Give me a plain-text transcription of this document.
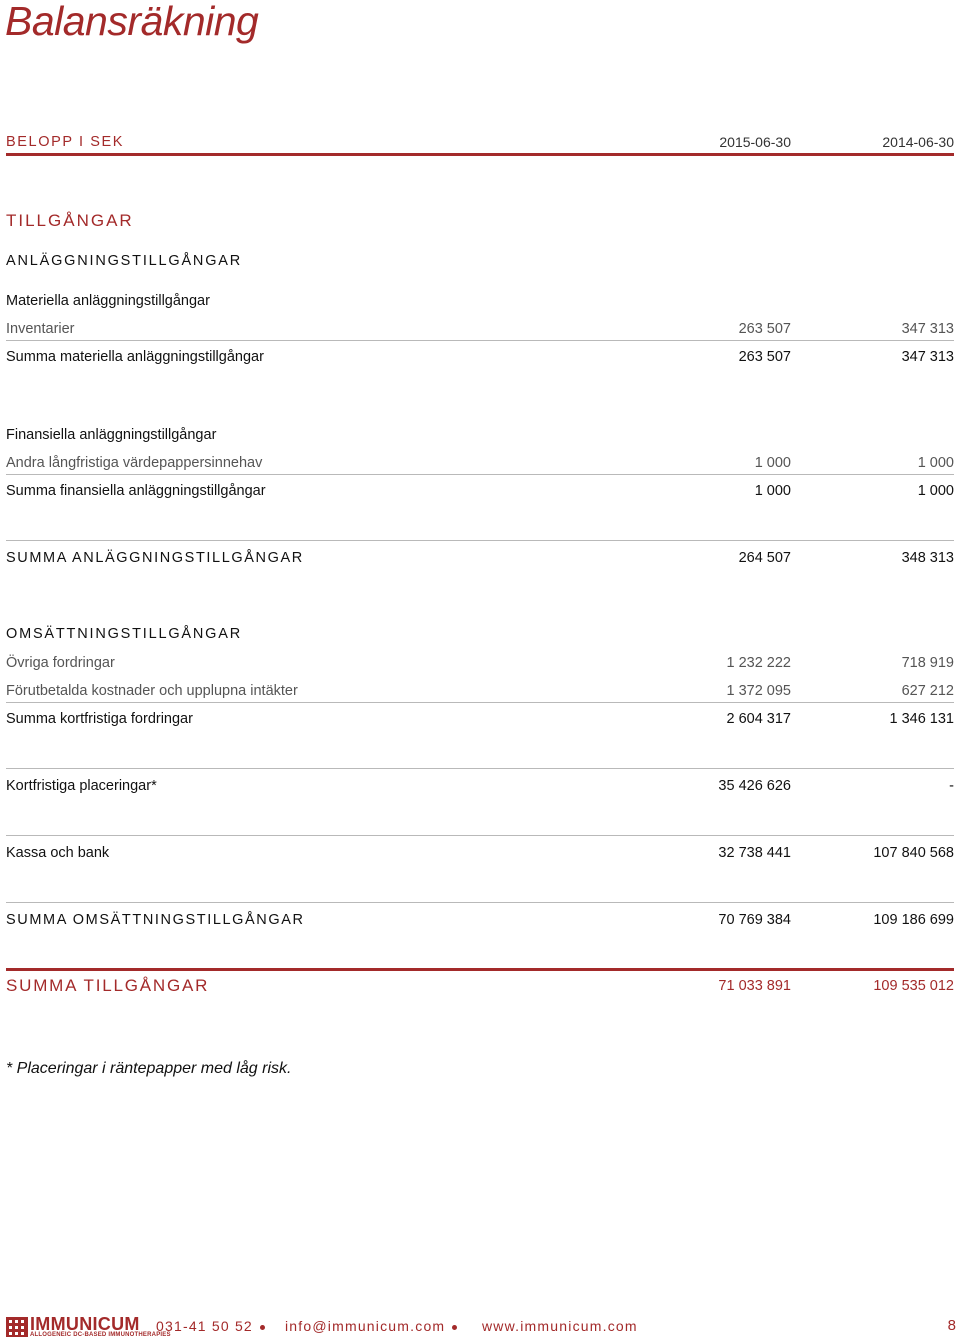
Balansräkning
BELOPP I SEK	2015-06-30	2014-06-30
TILLGÅNGAR
ANLÄGGNINGSTILLGÅNGAR
Materiella anläggningstillgångar
Inventarier	263 507	347 313
Summa materiella anläggningstillgångar	263 507	347 313
Finansiella anläggningstillgångar
Andra långfristiga värdepappersinnehav	1 000	1 000
Summa finansiella anläggningstillgångar	1 000	1 000
SUMMA ANLÄGGNINGSTILLGÅNGAR	264 507	348 313
OMSÄTTNINGSTILLGÅNGAR
Övriga fordringar	1 232 222	718 919
Förutbetalda kostnader och upplupna intäkter	1 372 095	627 212
Summa kortfristiga fordringar	2 604 317	1 346 131
Kortfristiga placeringar*	35 426 626	-
Kassa och bank	32 738 441	107 840 568
SUMMA OMSÄTTNINGSTILLGÅNGAR	70 769 384	109 186 699
SUMMA TILLGÅNGAR	71 033 891	109 535 012
* Placeringar i räntepapper med låg risk.
IMMUNICUM
ALLOGENEIC DC-BASED IMMUNOTHERAPIES
031-41 50 52 info@immunicum.com	www.immunicum.com	8
